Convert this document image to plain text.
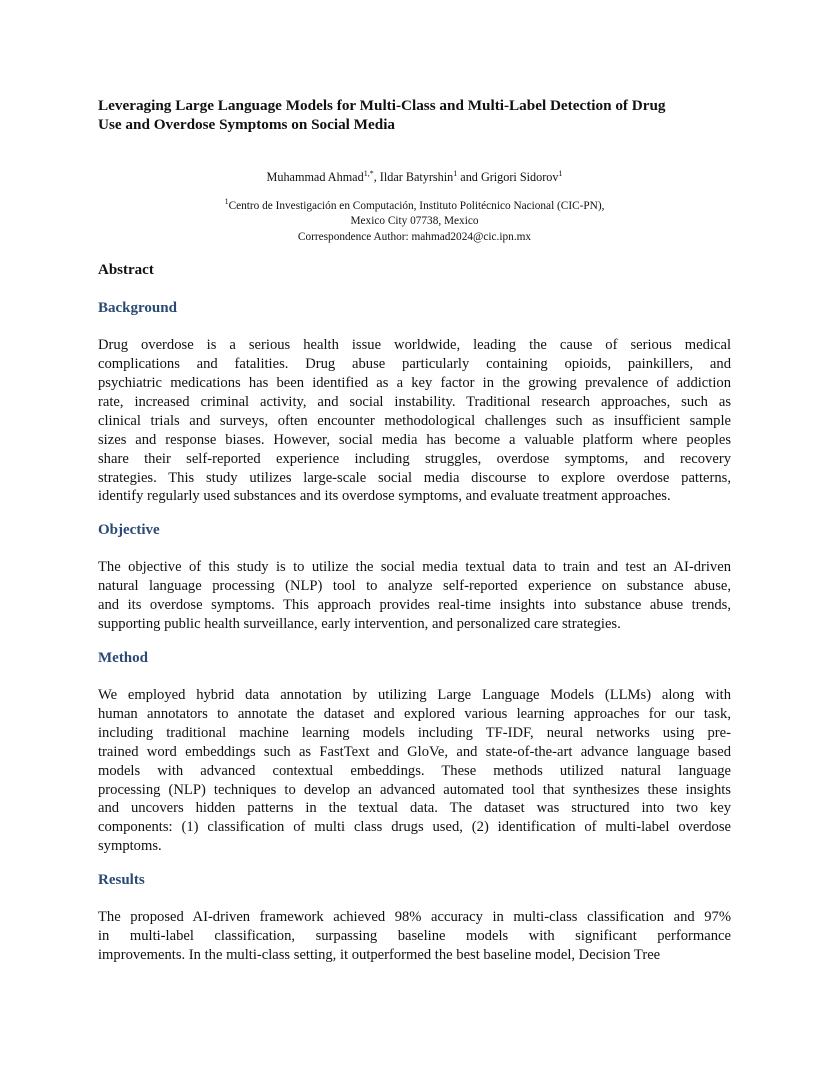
Leveraging Large Language Models for Multi-Class and Multi-Label Detection of Drug
Use and Overdose Symptoms on Social Media
Muhammad Ahmad$^{1,*}$, Ildar Batyrshin$^1$ and Grigori Sidorov$^1$
$^1$Centro de Investigación en Computación, Instituto Politécnico Nacional (CIC-PN),
Mexico City 07738, Mexico
Correspondence Author: mahmad2024@cic.ipn.mx
Abstract
Background
Drug overdose is a serious health issue worldwide, leading the cause of serious medical
complications and fatalities. Drug abuse particularly containing opioids, painkillers, and
psychiatric medications has been identified as a key factor in the growing prevalence of addiction
rate, increased criminal activity, and social instability. Traditional research approaches, such as
clinical trials and surveys, often encounter methodological challenges such as insufficient sample
sizes and response biases. However, social media has become a valuable platform where peoples
share their self-reported experience including struggles, overdose symptoms, and recovery
strategies. This study utilizes large-scale social media discourse to explore overdose patterns,
identify regularly used substances and its overdose symptoms, and evaluate treatment approaches.
Objective
The objective of this study is to utilize the social media textual data to train and test an AI-driven
natural language processing (NLP) tool to analyze self-reported experience on substance abuse,
and its overdose symptoms. This approach provides real-time insights into substance abuse trends,
supporting public health surveillance, early intervention, and personalized care strategies.
Method
We employed hybrid data annotation by utilizing Large Language Models (LLMs) along with
human annotators to annotate the dataset and explored various learning approaches for our task,
including traditional machine learning models including TF-IDF, neural networks using pre-
trained word embeddings such as FastText and GloVe, and state-of-the-art advance language based
models with advanced contextual embeddings. These methods utilized natural language
processing (NLP) techniques to develop an advanced automated tool that synthesizes these insights
and uncovers hidden patterns in the textual data. The dataset was structured into two key
components: (1) classification of multi class drugs used, (2) identification of multi-label overdose
symptoms.
Results
The proposed AI-driven framework achieved 98% accuracy in multi-class classification and 97%
in multi-label classification, surpassing baseline models with significant performance
improvements. In the multi-class setting, it outperformed the best baseline model, Decision Tree
